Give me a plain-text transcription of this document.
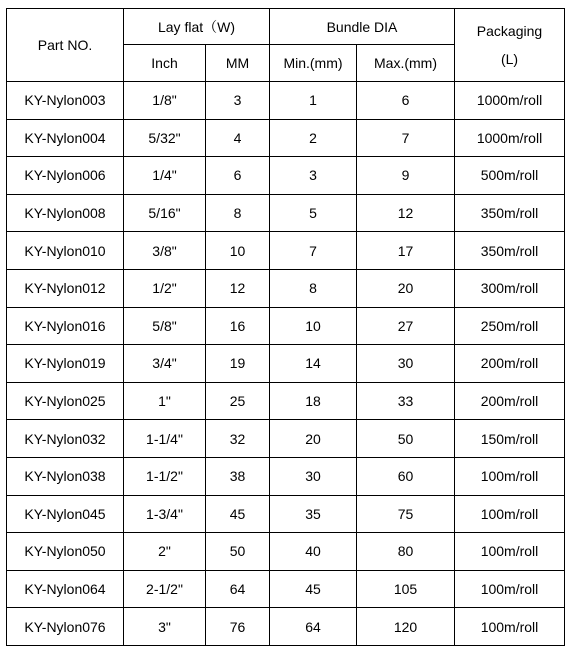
Part NO.	Lay flat（W)		Bundle DIA		Packaging
(L)

	Inch	MM	Min.(mm)	Max.(mm)	
KY-Nylon003	1/8"	3	1	6	1000m/roll
KY-Nylon004	5/32"	4	2	7	1000m/roll
KY-Nylon006	1/4"	6	3	9	500m/roll
KY-Nylon008	5/16"	8	5	12	350m/roll
KY-Nylon010	3/8"	10	7	17	350m/roll
KY-Nylon012	1/2"	12	8	20	300m/roll
KY-Nylon016	5/8"	16	10	27	250m/roll
KY-Nylon019	3/4"	19	14	30	200m/roll
KY-Nylon025	1"	25	18	33	200m/roll
KY-Nylon032	1-1/4"	32	20	50	150m/roll
KY-Nylon038	1-1/2"	38	30	60	100m/roll
KY-Nylon045	1-3/4"	45	35	75	100m/roll
KY-Nylon050	2"	50	40	80	100m/roll
KY-Nylon064	2-1/2"	64	45	105	100m/roll
KY-Nylon076	3"	76	64	120	100m/roll
